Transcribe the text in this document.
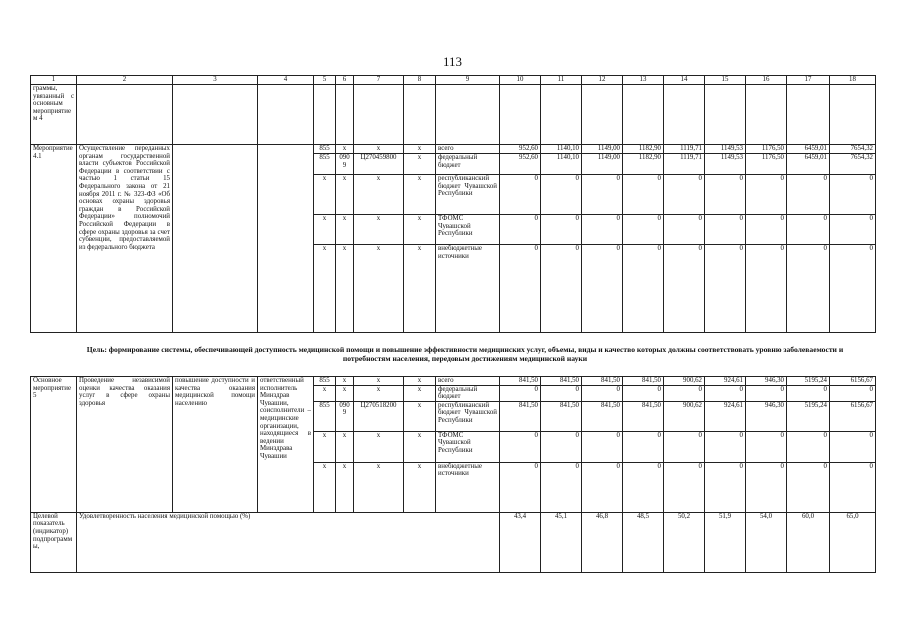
113
1	2	3	4	5	6	7	8	9	10	11	12	13	14	15	16	17	18
граммы, увязанный с основным мероприятием 4																	
Мероприятие 4.1	Осуществление переданных органам государственной власти субъектов Российской Федерации в соответствии с частью 1 статьи 15 Федерального закона от 21 ноября 2011 г. № 323-ФЗ «Об основах охраны здоровья граждан в Российской Федерации» полномочий Российской Федерации в сфере охраны здоровья за счет субвенции, предоставляемой из федерального бюджета			855	x	x	x	всего	952,60	1140,10	1149,00	1182,90	1119,71	1149,53	1176,50	6459,01	7654,32
				855	0909	Ц270459800	x	федеральный бюджет	952,60	1140,10	1149,00	1182,90	1119,71	1149,53	1176,50	6459,01	7654,32
				x	x	x	x	республиканский бюджет Чувашской Республики	0	0	0	0	0	0	0	0	0
				x	x	x	x	ТФОМС Чувашской Республики	0	0	0	0	0	0	0	0	0
				x	x	x	x	внебюджетные источники	0	0	0	0	0	0	0	0	0
Цель: формирование системы, обеспечивающей доступность медицинской помощи и повышение эффективности медицинских услуг, объемы, виды и качество которых должны соответствовать уровню заболеваемости и потребностям населения, передовым достижениям медицинской науки
Основное мероприятие 5	Проведение независимой оценки качества оказания услуг в сфере охраны здоровья	повышение доступности и качества оказания медицинской помощи населению	ответственный исполнитель Минздрав Чувашии, соисполнители – медицинские организации, находящиеся в ведении Минздрава Чувашии	855	x	x	x	всего	841,50	841,50	841,50	841,50	900,62	924,61	946,30	5195,24	6156,67
				x	x	x	x	федеральный бюджет	0	0	0	0	0	0	0	0	0
				855	0909	Ц270518200	x	республиканский бюджет Чувашской Республики	841,50	841,50	841,50	841,50	900,62	924,61	946,30	5195,24	6156,67
				x	x	x	x	ТФОМС Чувашской Республики	0	0	0	0	0	0	0	0	0
				x	x	x	x	внебюджетные источники	0	0	0	0	0	0	0	0	0
Целевой показатель (индикатор) подпрограммы,	Удовлетворенность населения медицинской помощью (%)								43,4	45,1	46,8	48,5	50,2	51,9	54,0	60,0	65,0
